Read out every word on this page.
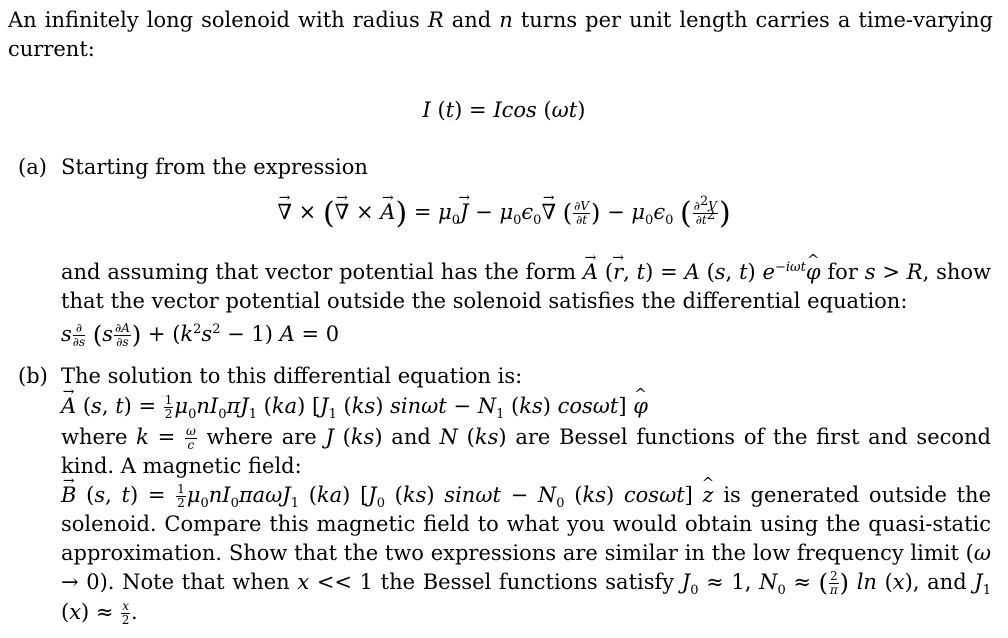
An infinitely long solenoid with radius R and n turns per unit length carries a time-varying current:
I (t) = Icos (ωt)
(a) Starting from the expression
→ ∇ × (→ ∇ × → $A) = \mu_0\to J - \mu_0\epsilon_0\to$ ∇ ( $\frac{\partial V}{\partial t}$ ) − $\mu_0\epsilon_0$ ( $\frac{\partial^2V}{\partial t^2}$ )
and assuming that vector potential has the form → A (→ r, t) = A (s, t) $e^{-i\omega t}\^{}$ φ for s > R, show that the vector potential outside the solenoid satisfies the differential equation:
s $\frac{\partial}{\partial s} (s \frac{\partial A}{\partial s}$ ) + $(k^2s^2 - 1) A = 0$
(b) The solution to this differential equation is:
→ A (s, $t) = \frac{1}{2} \mu_0nI_0\pi J_1$ (ka) [$J_1$ (ks) $\sin\omega t - N_1$ (ks) cosωt] ^ φ
where $k = \frac{\omega}{c}$ where are J (ks) and N (ks) are Bessel functions of the first and second kind. A magnetic field:
→ B (s, $t) = \frac{1}{2} \mu_0nI_0\pi a\omega J_1$ (ka) [$J_0$ (ks) $\sin\omega t - N_0$ (ks) cosωt] ^ z is generated outside the solenoid. Compare this magnetic field to what you would obtain using the quasi-static approximation. Show that the two expressions are similar in the low frequency limit (ω → 0). Note that when x << 1 the Bessel functions satisfy $J_0 \approx 1$, $N_0$ ≈ ( $\frac{2}{\pi}$ ) ln (x), and $J_1$ $(x) \approx \frac{x}{2}$ .
